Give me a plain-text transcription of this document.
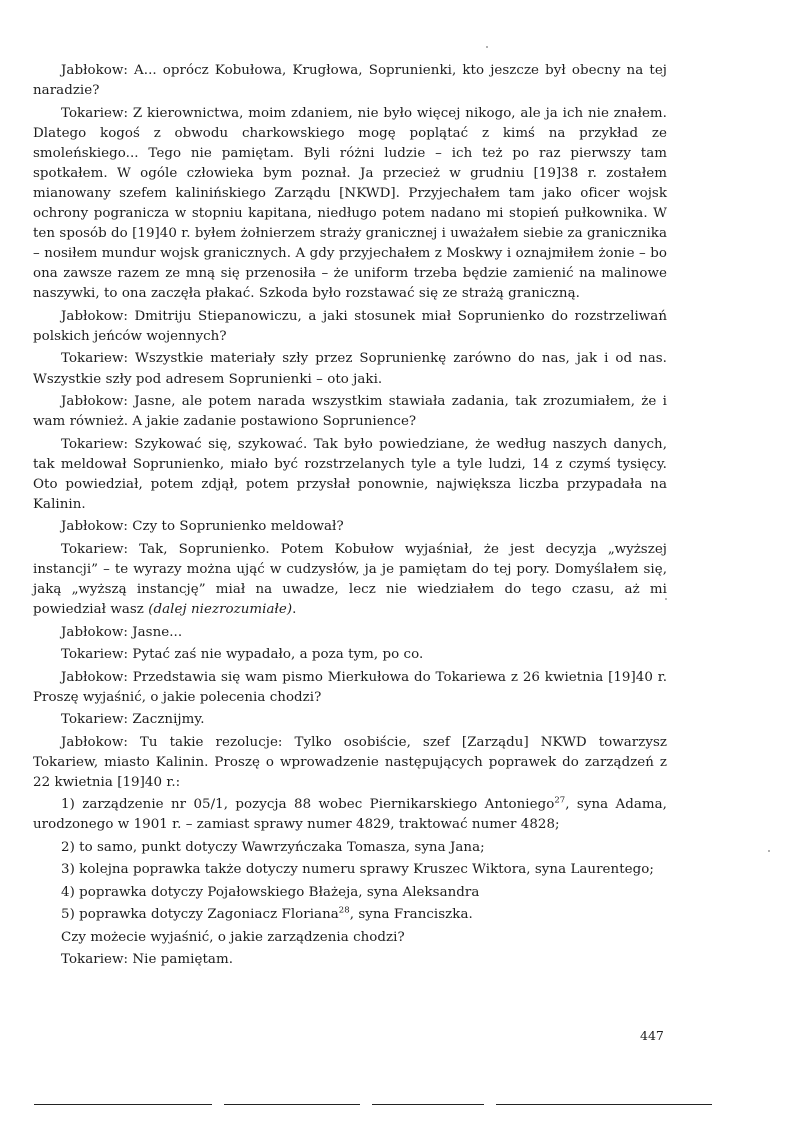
Jabłokow: A... oprócz Kobułowa, Krugłowa, Soprunienki, kto jeszcze był obecny na tej naradzie?

Tokariew: Z kierownictwa, moim zdaniem, nie było więcej nikogo, ale ja ich nie znałem. Dlatego kogoś z obwodu charkowskiego mogę poplątać z kimś na przykład ze smoleńskiego... Tego nie pamiętam. Byli różni ludzie – ich też po raz pierwszy tam spotkałem. W ogóle człowieka bym poznał. Ja przecież w grudniu [19]38 r. zostałem mianowany szefem kalinińskiego Zarządu [NKWD]. Przyjechałem tam jako oficer wojsk ochrony pogranicza w stopniu kapitana, niedługo potem nadano mi stopień pułkownika. W ten sposób do [19]40 r. byłem żołnierzem straży granicznej i uważałem siebie za granicznika – nosiłem mundur wojsk granicznych. A gdy przyjechałem z Moskwy i oznajmiłem żonie – bo ona zawsze razem ze mną się przenosiła – że uniform trzeba będzie zamienić na malinowe naszywki, to ona zaczęła płakać. Szkoda było rozstawać się ze strażą graniczną.

Jabłokow: Dmitriju Stiepanowiczu, a jaki stosunek miał Soprunienko do rozstrzeliwań polskich jeńców wojennych?

Tokariew: Wszystkie materiały szły przez Soprunienkę zarówno do nas, jak i od nas. Wszystkie szły pod adresem Soprunienki – oto jaki.

Jabłokow: Jasne, ale potem narada wszystkim stawiała zadania, tak zrozumiałem, że i wam również. A jakie zadanie postawiono Soprunience?

Tokariew: Szykować się, szykować. Tak było powiedziane, że według naszych danych, tak meldował Soprunienko, miało być rozstrzelanych tyle a tyle ludzi, 14 z czymś tysięcy. Oto powiedział, potem zdjął, potem przysłał ponownie, największa liczba przypadała na Kalinin.

Jabłokow: Czy to Soprunienko meldował?

Tokariew: Tak, Soprunienko. Potem Kobułow wyjaśniał, że jest decyzja „wyższej instancji” – te wyrazy można ująć w cudzysłów, ja je pamiętam do tej pory. Domyślałem się, jaką „wyższą instancję” miał na uwadze, lecz nie wiedziałem do tego czasu, aż mi powiedział wasz (dalej niezrozumiałe).

Jabłokow: Jasne...

Tokariew: Pytać zaś nie wypadało, a poza tym, po co.

Jabłokow: Przedstawia się wam pismo Mierkułowa do Tokariewa z 26 kwietnia [19]40 r. Proszę wyjaśnić, o jakie polecenia chodzi?

Tokariew: Zacznijmy.

Jabłokow: Tu takie rezolucje: Tylko osobiście, szef [Zarządu] NKWD towarzysz Tokariew, miasto Kalinin. Proszę o wprowadzenie następujących poprawek do zarządzeń z 22 kwietnia [19]40 r.:

1) zarządzenie nr 05/1, pozycja 88 wobec Piernikarskiego Antoniego$^{27}$, syna Adama, urodzonego w 1901 r. – zamiast sprawy numer 4829, traktować numer 4828;

2) to samo, punkt dotyczy Wawrzyńczaka Tomasza, syna Jana;

3) kolejna poprawka także dotyczy numeru sprawy Kruszec Wiktora, syna Laurentego;

4) poprawka dotyczy Pojałowskiego Błażeja, syna Aleksandra

5) poprawka dotyczy Zagoniacz Floriana$^{28}$, syna Franciszka.

Czy możecie wyjaśnić, o jakie zarządzenia chodzi?

Tokariew: Nie pamiętam.

447
